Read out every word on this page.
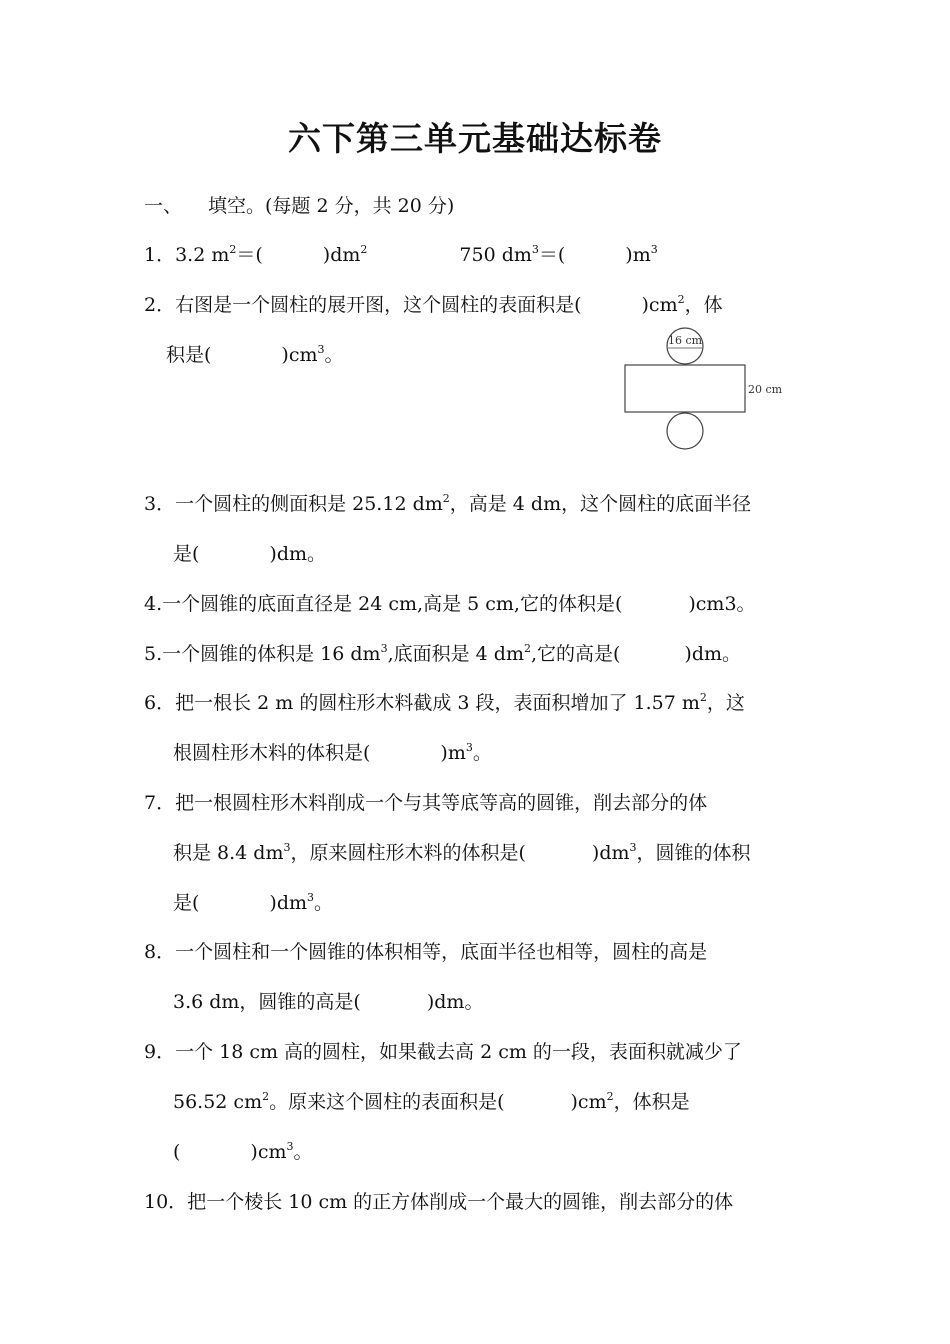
六下第三单元基础达标卷
一、 填空。(每题 2 分，共 20 分)
1．3.2 $m^2=$(	)$dm^2$	750 $dm^3=$(	)$m^3$
2．右图是一个圆柱的展开图，这个圆柱的表面积是(	)$cm^2$，体
积是(	)$cm^3$。
16 cm
20 cm
3．一个圆柱的侧面积是 25.12 $dm^2$，高是 4 dm，这个圆柱的底面半径
是(	)dm。
4.一个圆锥的底面直径是 24 cm,高是 5 cm,它的体积是(	)cm3。
5.一个圆锥的体积是 16 $dm^3$,底面积是 4 $dm^2$,它的高是(	)dm。
6．把一根长 2 m 的圆柱形木料截成 3 段，表面积增加了 1.57 $m^2$，这
根圆柱形木料的体积是(	)$m^3$。
7．把一根圆柱形木料削成一个与其等底等高的圆锥，削去部分的体
积是 8.4 $dm^3$，原来圆柱形木料的体积是(	)$dm^3$，圆锥的体积
是(	)$dm^3$。
8．一个圆柱和一个圆锥的体积相等，底面半径也相等，圆柱的高是
3.6 dm，圆锥的高是(	)dm。
9．一个 18 cm 高的圆柱，如果截去高 2 cm 的一段，表面积就减少了
56.52 $cm^2$。原来这个圆柱的表面积是(	)$cm^2$，体积是
(	)$cm^3$。
10．把一个棱长 10 cm 的正方体削成一个最大的圆锥，削去部分的体
